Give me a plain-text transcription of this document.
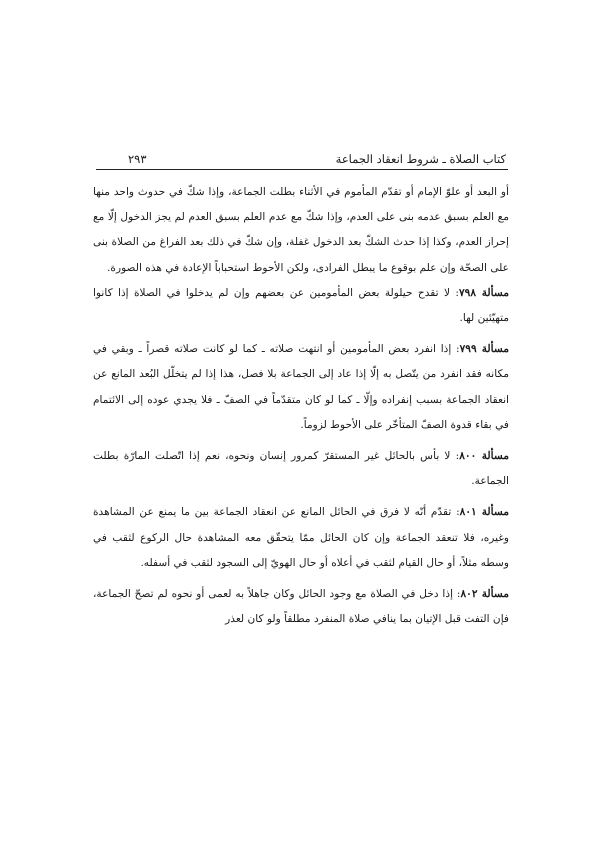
كتاب الصلاة ـ شروط انعقاد الجماعة
٢٩٣

أو البعد أو علوّ الإمام أو تقدّم المأموم في الأثناء بطلت الجماعة، وإذا شكّ في حدوث واحد منها مع العلم بسبق عدمه بنى على العدم، وإذا شكّ مع عدم العلم بسبق العدم لم يجز الدخول إلّا مع إحراز العدم، وكذا إذا حدث الشكّ بعد الدخول غفلة، وإن شكّ في ذلك بعد الفراغ من الصلاة بنى على الصحّة وإن علم بوقوع ما يبطل الفرادى، ولكن الأحوط استحباباً الإعادة في هذه الصورة.

مسألة ٧٩٨: لا تقدح حيلولة بعض المأمومين عن بعضهم وإن لم يدخلوا في الصلاة إذا كانوا متهيّئين لها.

مسألة ٧٩٩: إذا انفرد بعض المأمومين أو انتهت صلاته ـ كما لو كانت صلاته قصراً ـ وبقي في مكانه فقد انفرد من يتّصل به إلّا إذا عاد إلى الجماعة بلا فصل، هذا إذا لم يتخلّل البُعد المانع عن انعقاد الجماعة بسبب إنفراده وإلّا ـ كما لو كان متقدّماً في الصفّ ـ فلا يجدي عوده إلى الائتمام في بقاء قدوة الصفّ المتأخّر على الأحوط لزوماً.

مسألة ٨٠٠: لا بأس بالحائل غير المستقرّ كمرور إنسان ونحوه، نعم إذا اتّصلت المارّة بطلت الجماعة.

مسألة ٨٠١: تقدّم أنّه لا فرق في الحائل المانع عن انعقاد الجماعة بين ما يمنع عن المشاهدة وغيره، فلا تنعقد الجماعة وإن كان الحائل ممّا يتحقّق معه المشاهدة حال الركوع لثقب في وسطه مثلاً، أو حال القيام لثقب في أعلاه أو حال الهويّ إلى السجود لثقب في أسفله.

مسألة ٨٠٢: إذا دخل في الصلاة مع وجود الحائل وكان جاهلاً به لعمى أو نحوه لم تصحّ الجماعة، فإن التفت قبل الإتيان بما ينافي صلاة المنفرد مطلقاً ولو كان لعذر
